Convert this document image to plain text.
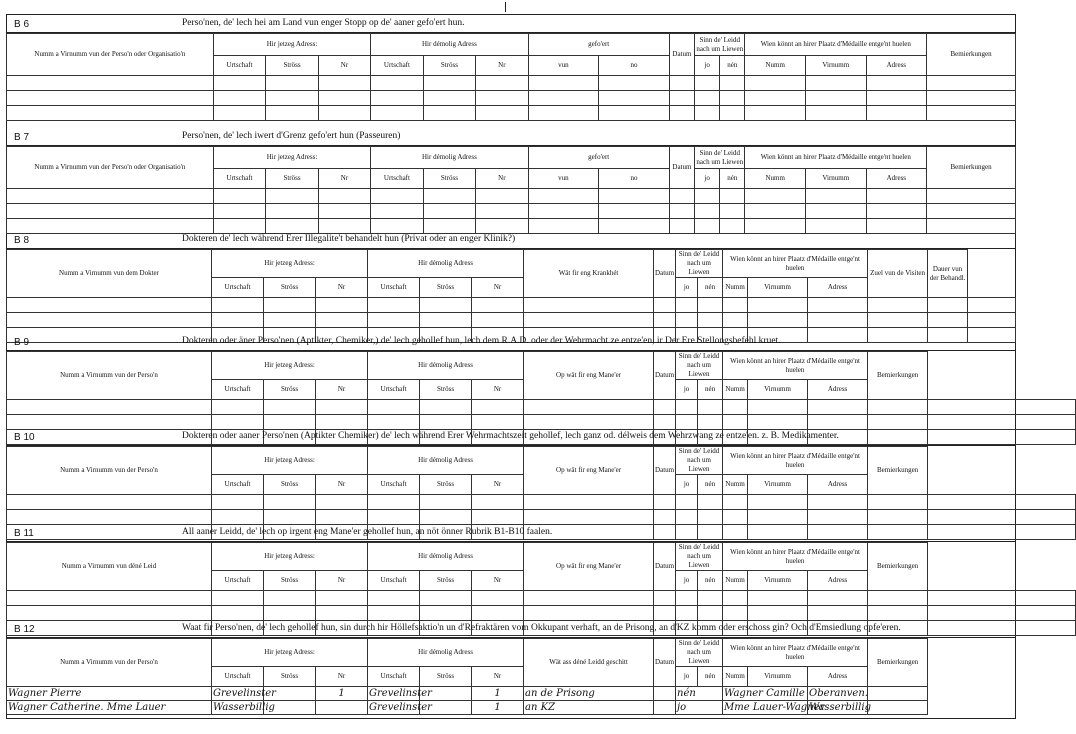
B 6	Perso'nen, de' lech hei am Land vun enger Stopp op de' aaner gefo'ert hun.
Numm a Virnumm vun der Perso'n oder Organisatio'n	Hir jetzeg Adress:			Hir démolig Adress			gefo'ert		Datum	Sinn de' Leidd nach um Liewen		Wien könnt an hirer Plaatz d'Médaille entge'nt huelen			Bemierkungen
	Urtschaft	Ströss	Nr	Urtschaft	Ströss	Nr	vun	no		jo	nén	Numm	Virnumm	Adress	

B 7	Perso'nen, de' lech iwert d'Grenz gefo'ert hun (Passeuren)
Numm a Virnumm vun der Perso'n oder Organisatio'n	Hir jetzeg Adress:			Hir démolig Adress			gefo'ert		Datum	Sinn de' Leidd nach um Liewen		Wien könnt an hirer Plaatz d'Médaille entge'nt huelen			Bemierkungen
	Urtschaft	Ströss	Nr	Urtschaft	Ströss	Nr	vun	no		jo	nén	Numm	Virnumm	Adress	

B 8	Dokteren de' lech während Erer Illegalite't behandelt hun (Privat oder an enger Klinik?)
Numm a Virnumm vun dem Dokter	Hir jetzeg Adress:			Hir démolig Adress			Wät fir eng Krankhét	Datum	Sinn de' Leidd nach um Liewen		Wien könnt an hirer Plaatz d'Médaille entge'nt huelen			Zuel vun de Visiten	Dauer vun der Behandl.	
	Urtschaft	Ströss	Nr	Urtschaft	Ströss	Nr			jo	nén	Numm	Virnumm	Adress			

B 9	Dokteren oder äner Perso'nen (Aptikter, Chemiker,) de' lech gehollef hun, lech dem R.A.D. oder der Wehrmacht ze entze'en, ir Der Ere Stellongsbefehl kruet.
Numm a Virnumm vun der Perso'n	Hir jetzeg Adress:			Hir démolig Adress			Op wät fir eng Mane'er	Datum	Sinn de' Leidd nach um Liewen		Wien könnt an hirer Plaatz d'Médaille entge'nt huelen			Bemierkungen	
	Urtschaft	Ströss	Nr	Urtschaft	Ströss	Nr			jo	nén	Numm	Virnumm	Adress		

B 10	Dokteren oder aaner Perso'nen (Aptikter Chemiker) de' lech während Erer Wehrmachtszeit gehollef, lech ganz od. délweis dem Wehrzwang ze entze'en. z. B. Medikamenter.
Numm a Virnumm vun der Perso'n	Hir jetzeg Adress:			Hir démolig Adress			Op wät fir eng Mane'er	Datum	Sinn de' Leidd nach um Liewen		Wien könnt an hirer Plaatz d'Médaille entge'nt huelen			Bemierkungen	
	Urtschaft	Ströss	Nr	Urtschaft	Ströss	Nr			jo	nén	Numm	Virnumm	Adress		

B 11	All aaner Leidd, de' lech op irgent eng Mane'er gehollef hun, an nöt önner Rubrik B1-B10 faalen.
Numm a Virnumm vun déné Leid	Hir jetzeg Adress:			Hir démolig Adress			Op wät fir eng Mane'er	Datum	Sinn de' Leidd nach um Liewen		Wien könnt an hirer Plaatz d'Médaille entge'nt huelen			Bemierkungen	
	Urtschaft	Ströss	Nr	Urtschaft	Ströss	Nr			jo	nén	Numm	Virnumm	Adress		

B 12	Waat fir Perso'nen, de' lech gehollef hun, sin durch hir Höllefsaktio'n un d'Refraktären vom Okkupant verhaft, an de Prisong, an d'KZ komm oder erschoss gin? Och d'Emsiedlung opfe'eren.
Numm a Virnumm vun der Perso'n	Hir jetzeg Adress:			Hir démolig Adress			Wät ass déné Leidd geschitt	Datum	Sinn de' Leidd nach um Liewen		Wien könnt an hirer Plaatz d'Médaille entge'nt huelen			Bemierkungen
	Urtschaft	Ströss	Nr	Urtschaft	Ströss	Nr			jo	nén	Numm	Virnumm	Adress	
Wagner Pierre	Grevelinster		1	Grevelinster		1	an de Prisong		nén		Wagner Camille		Oberanven.	
Wagner Catherine. Mme Lauer	Wasserbillig			Grevelinster		1	an KZ		jo		Mme Lauer-Wagner		Wasserbillig	
